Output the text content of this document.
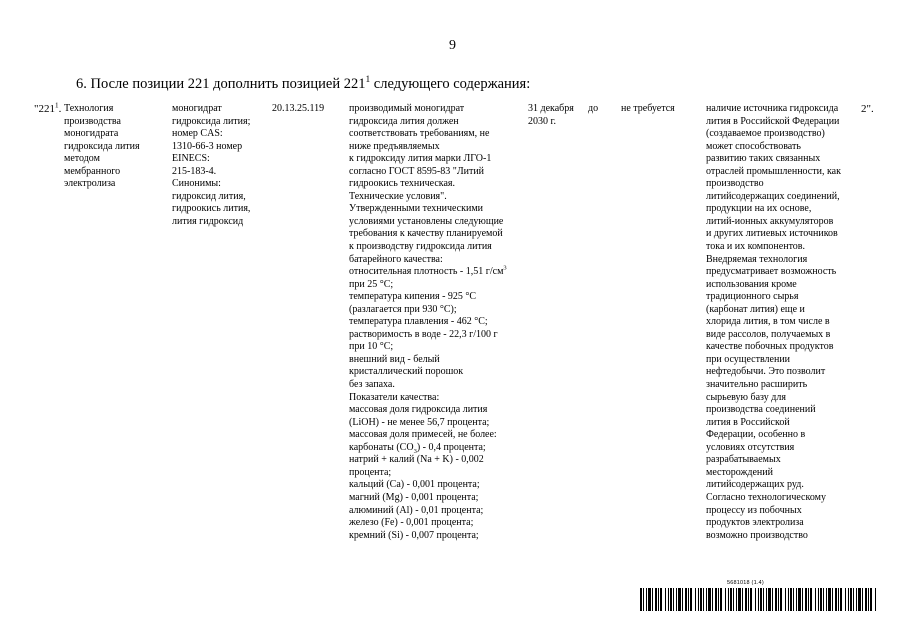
9
6. После позиции 221 дополнить позицией $221^1$ следующего содержания:
"$221^1$. Технология
производства
моногидрата
гидроксида лития
методом
мембранного
электролиза
моногидрат
гидроксида лития;
номер CAS:
1310-66-3 номер
EINECS:
215-183-4.
Синонимы:
гидроксид лития,
гидроокись лития,
лития гидроксид
20.13.25.119 производимый моногидрат
гидроксида лития должен
соответствовать требованиям, не
ниже предъявляемых
к гидроксиду лития марки ЛГО-1
согласно ГОСТ 8595-83 "Литий
гидроокись техническая.
Технические условия".
Утвержденными техническими
условиями установлены следующие
требования к качеству планируемой
к производству гидроксида лития
батарейного качества:
относительная плотность - 1,51 $г/см^3$
при 25 °С;
температура кипения - 925 °С
(разлагается при 930 °С);
температура плавления - 462 °С;
растворимость в воде - 22,3 г/100 г
при 10 °С;
внешний вид - белый
кристаллический порошок
без запаха.
Показатели качества:
массовая доля гидроксида лития
(LiOH) - не менее 56,7 процента;
массовая доля примесей, не более:
карбонаты $(CO_3) - 0,4$ процента;
натрий + калий (Na + K) - 0,002
процента;
кальций (Ca) - 0,001 процента;
магний (Mg) - 0,001 процента;
алюминий (Al) - 0,01 процента;
железо (Fe) - 0,001 процента;
кремний (Si) - 0,007 процента;
31 декабря до
2030 г.
не требуется	наличие источника гидроксида
лития в Российской Федерации
(создаваемое производство)
может способствовать
развитию таких связанных
отраслей промышленности, как
производство
литийсодержащих соединений,
продукции на их основе,
литий-ионных аккумуляторов
и других литиевых источников
тока и их компонентов.
Внедряемая технология
предусматривает возможность
использования кроме
традиционного сырья
(карбонат лития) еще и
хлорида лития, в том числе в
виде рассолов, получаемых в
качестве побочных продуктов
при осуществлении
нефтедобычи. Это позволит
значительно расширить
сырьевую базу для
производства соединений
лития в Российской
Федерации, особенно в
условиях отсутствия
разрабатываемых
месторождений
литийсодержащих руд.
Согласно технологическому
процессу из побочных
продуктов электролиза
возможно производство
2".
5681018 (1.4)
